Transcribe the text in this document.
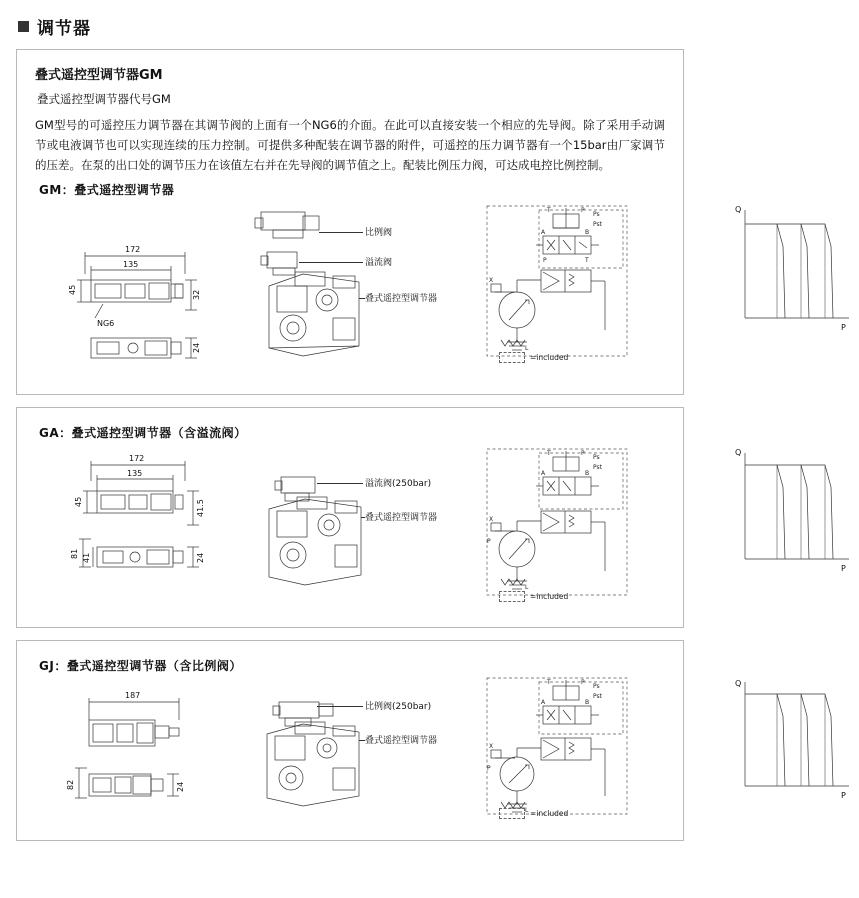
调节器
叠式遥控型调节器GM
叠式遥控型调节器代号GM
GM型号的可遥控压力调节器在其调节阀的上面有一个NG6的介面。在此可以直接安装一个相应的先导阀。除了采用手动调节或电液调节也可以实现连续的压力控制。可提供多种配装在调节器的附件，可遥控的压力调节器有一个15bar由厂家调节的压差。在泵的出口处的调节压力在该值左右并在先导阀的调节值之上。配装比例压力阀，可达成电控比例控制。
GM：叠式遥控型调节器
172
135
45	32
NG6
24
比例阀
溢流阀
叠式遥控型调节器
T	P
A	B
P	T
L
X
Ps
Pst
=included
Q
P
GA：叠式遥控型调节器（含溢流阀）
172
135
45	41.5
81 41	24
溢流阀(250bar)
叠式遥控型调节器
T	P
A	B
L
X
Ps
Pst
P
=included
Q
P
GJ：叠式遥控型调节器（含比例阀）
187
82	24
比例阀(250bar)
叠式遥控型调节器
T	P
A	B
L
X
Ps
Pst
P
=included
Q
P
